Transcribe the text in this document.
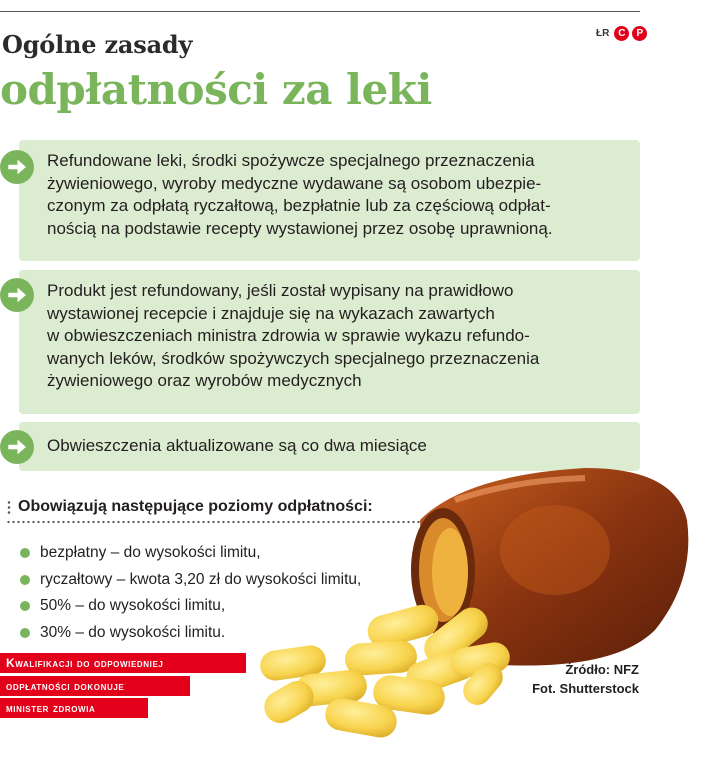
Ogólne zasady
odpłatności za leki
ŁR C	P
Refundowane leki, środki spożywcze specjalnego przeznaczenia
żywieniowego, wyroby medyczne wydawane są osobom ubezpie-
czonym za odpłatą ryczałtową, bezpłatnie lub za częściową odpłat-
nością na podstawie recepty wystawionej przez osobę uprawnioną.
Produkt jest refundowany, jeśli został wypisany na prawidłowo
wystawionej recepcie i znajduje się na wykazach zawartych
w obwieszczeniach ministra zdrowia w sprawie wykazu refundo-
wanych leków, środków spożywczych specjalnego przeznaczenia
żywieniowego oraz wyrobów medycznych
Obwieszczenia aktualizowane są co dwa miesiące
Obowiązują następujące poziomy odpłatności:
bezpłatny – do wysokości limitu,
ryczałtowy – kwota 3,20 zł do wysokości limitu,
50% – do wysokości limitu,
30% – do wysokości limitu.
Kwalifikacji do odpowiedniej
odpłatności dokonuje
minister zdrowia
Źródło: NFZ
Fot. Shutterstock
